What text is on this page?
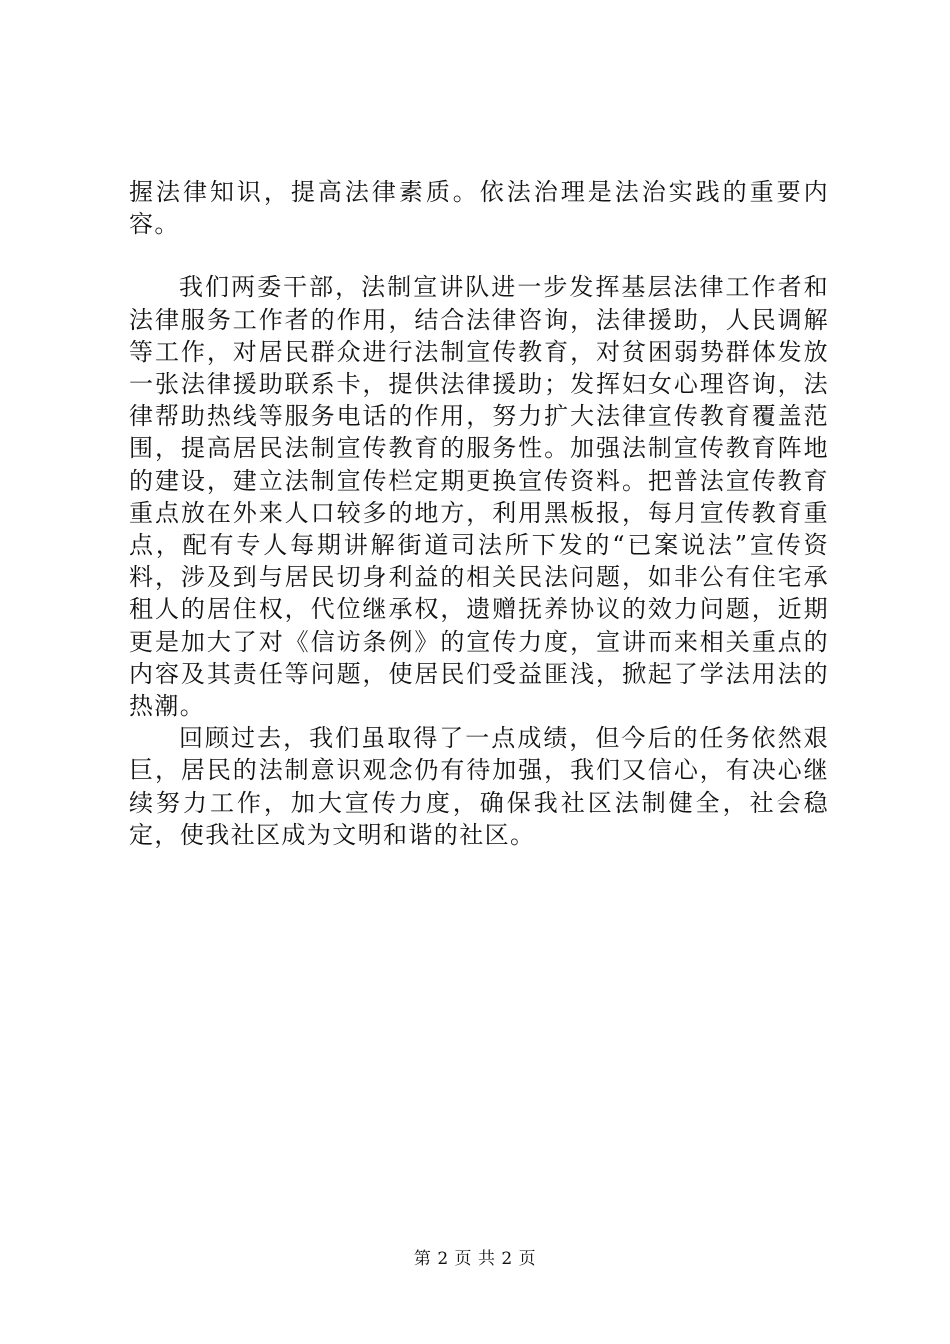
握法律知识，提高法律素质。依法治理是法治实践的重要内容。

我们两委干部，法制宣讲队进一步发挥基层法律工作者和法律服务工作者的作用，结合法律咨询，法律援助，人民调解等工作，对居民群众进行法制宣传教育，对贫困弱势群体发放一张法律援助联系卡，提供法律援助；发挥妇女心理咨询，法律帮助热线等服务电话的作用，努力扩大法律宣传教育覆盖范围，提高居民法制宣传教育的服务性。加强法制宣传教育阵地的建设，建立法制宣传栏定期更换宣传资料。把普法宣传教育重点放在外来人口较多的地方，利用黑板报，每月宣传教育重点，配有专人每期讲解街道司法所下发的“已案说法”宣传资料，涉及到与居民切身利益的相关民法问题，如非公有住宅承租人的居住权，代位继承权，遗赠抚养协议的效力问题，近期更是加大了对《信访条例》的宣传力度，宣讲而来相关重点的内容及其责任等问题，使居民们受益匪浅，掀起了学法用法的热潮。

回顾过去，我们虽取得了一点成绩，但今后的任务依然艰巨，居民的法制意识观念仍有待加强，我们又信心，有决心继续努力工作，加大宣传力度，确保我社区法制健全，社会稳定，使我社区成为文明和谐的社区。

第 2 页 共 2 页
